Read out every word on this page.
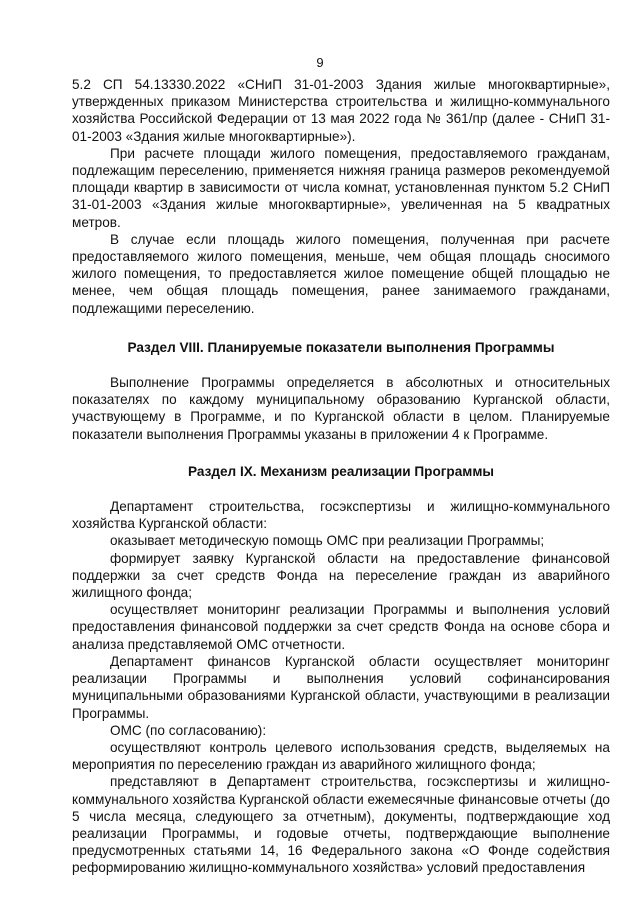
9

5.2 СП 54.13330.2022 «СНиП 31-01-2003 Здания жилые многоквартирные», утвержденных приказом Министерства строительства и жилищно-коммунального хозяйства Российской Федерации от 13 мая 2022 года № 361/пр (далее - СНиП 31-01-2003 «Здания жилые многоквартирные»).

При расчете площади жилого помещения, предоставляемого гражданам, подлежащим переселению, применяется нижняя граница размеров рекомендуемой площади квартир в зависимости от числа комнат, установленная пунктом 5.2 СНиП 31-01-2003 «Здания жилые многоквартирные», увеличенная на 5 квадратных метров.

В случае если площадь жилого помещения, полученная при расчете предоставляемого жилого помещения, меньше, чем общая площадь сносимого жилого помещения, то предоставляется жилое помещение общей площадью не менее, чем общая площадь помещения, ранее занимаемого гражданами, подлежащими переселению.

Раздел VIII. Планируемые показатели выполнения Программы

Выполнение Программы определяется в абсолютных и относительных показателях по каждому муниципальному образованию Курганской области, участвующему в Программе, и по Курганской области в целом. Планируемые показатели выполнения Программы указаны в приложении 4 к Программе.

Раздел IX. Механизм реализации Программы

Департамент строительства, госэкспертизы и жилищно-коммунального хозяйства Курганской области:

оказывает методическую помощь ОМС при реализации Программы;

формирует заявку Курганской области на предоставление финансовой поддержки за счет средств Фонда на переселение граждан из аварийного жилищного фонда;

осуществляет мониторинг реализации Программы и выполнения условий предоставления финансовой поддержки за счет средств Фонда на основе сбора и анализа представляемой ОМС отчетности.

Департамент финансов Курганской области осуществляет мониторинг реализации Программы и выполнения условий софинансирования муниципальными образованиями Курганской области, участвующими в реализации Программы.

ОМС (по согласованию):

осуществляют контроль целевого использования средств, выделяемых на мероприятия по переселению граждан из аварийного жилищного фонда;

представляют в Департамент строительства, госэкспертизы и жилищно-коммунального хозяйства Курганской области ежемесячные финансовые отчеты (до 5 числа месяца, следующего за отчетным), документы, подтверждающие ход реализации Программы, и годовые отчеты, подтверждающие выполнение предусмотренных статьями 14, 16 Федерального закона «О Фонде содействия реформированию жилищно-коммунального хозяйства» условий предоставления
